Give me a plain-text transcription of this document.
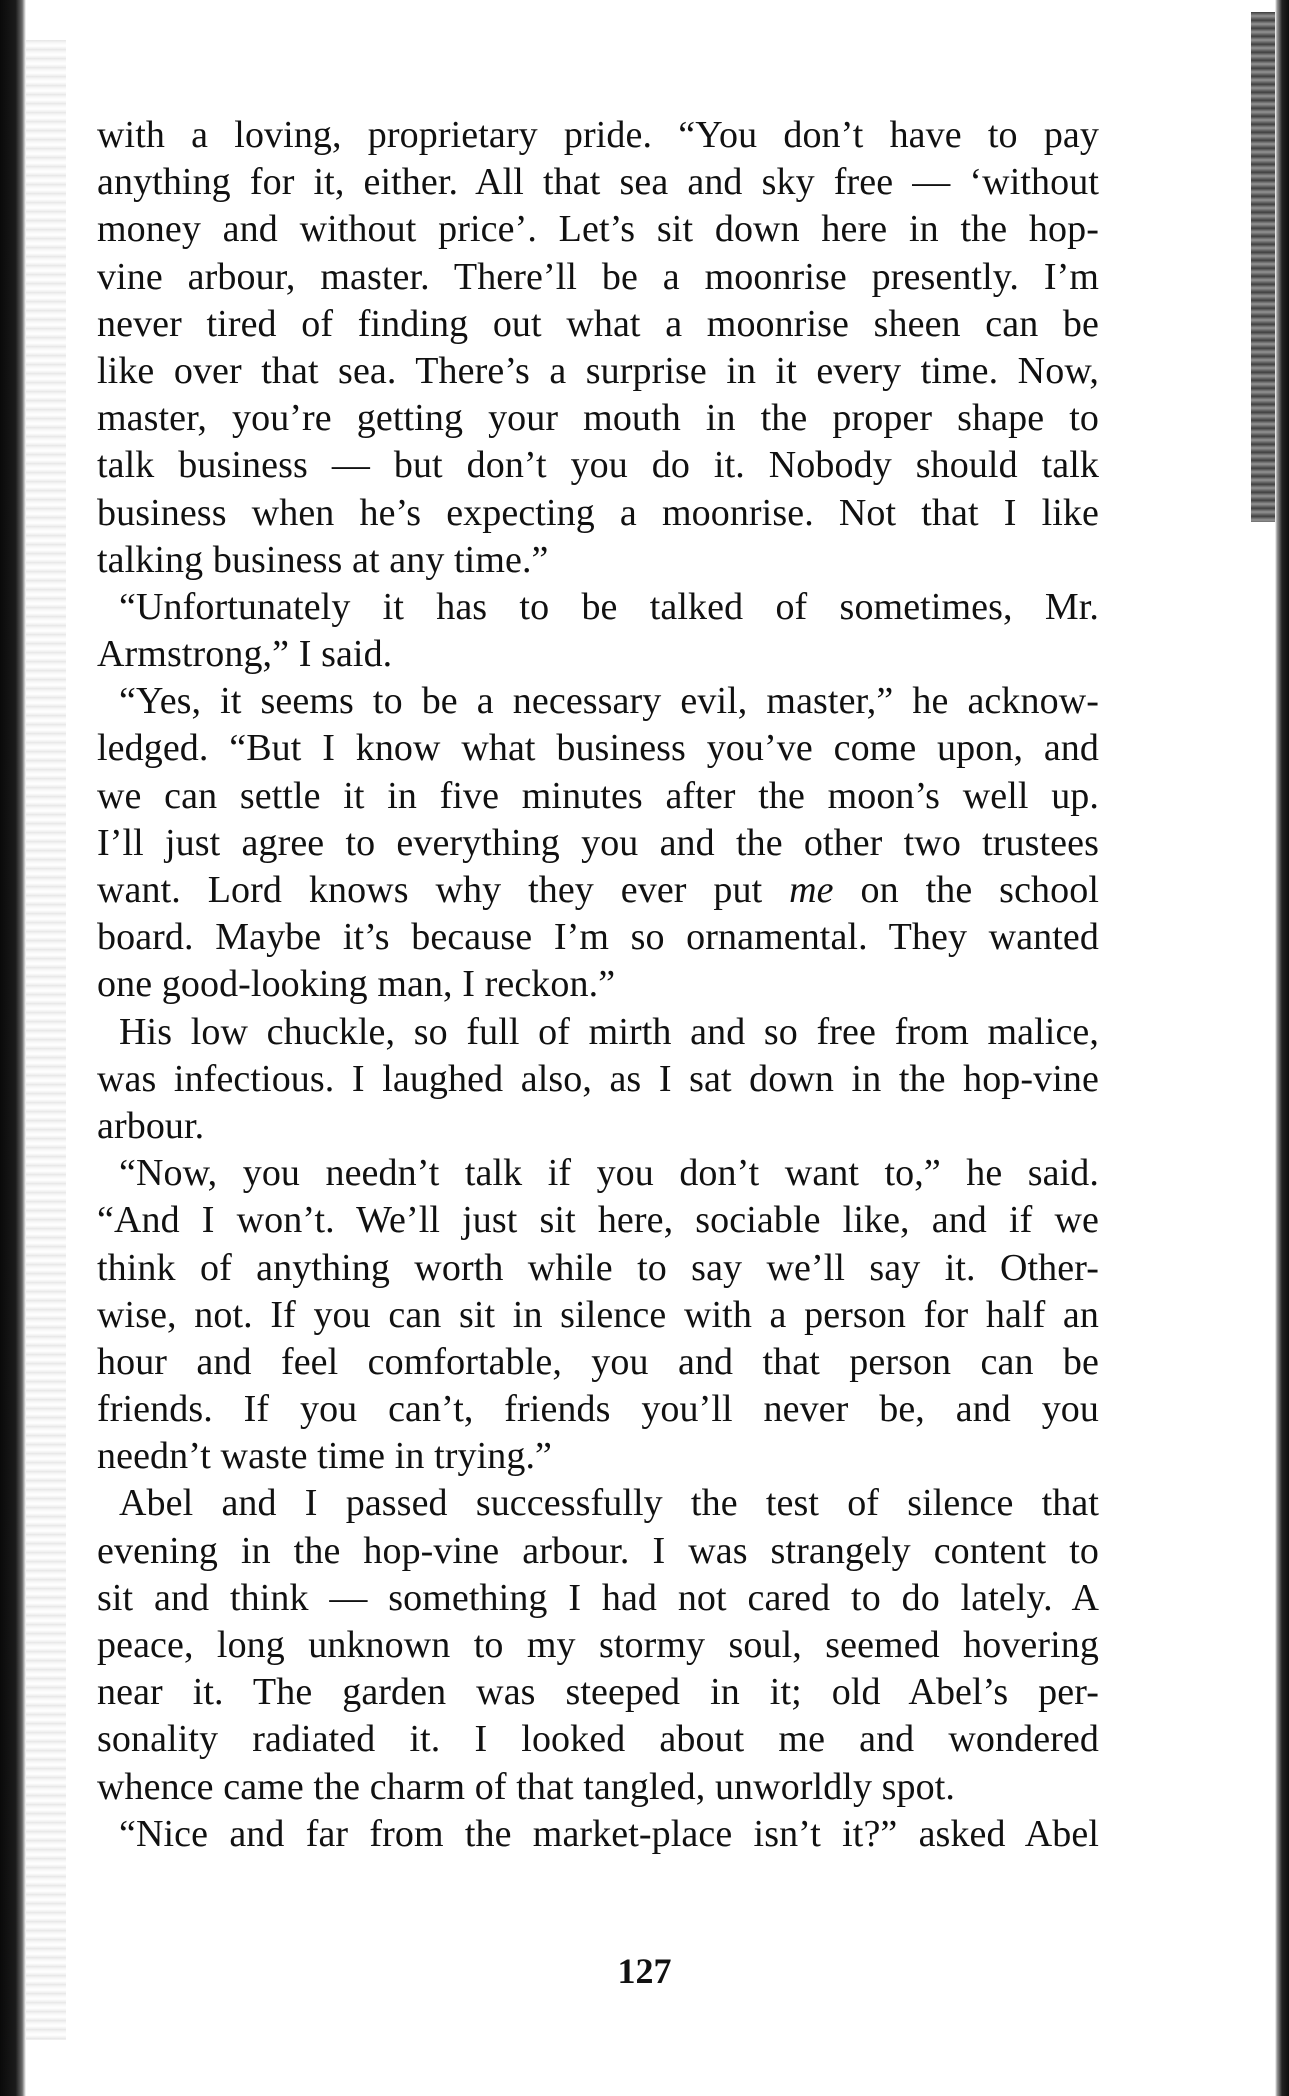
with a loving, proprietary pride. “You don’t have to pay
anything for it, either. All that sea and sky free — ‘without
money and without price’. Let’s sit down here in the hop-
vine arbour, master. There’ll be a moonrise presently. I’m
never tired of finding out what a moonrise sheen can be
like over that sea. There’s a surprise in it every time. Now,
master, you’re getting your mouth in the proper shape to
talk business — but don’t you do it. Nobody should talk
business when he’s expecting a moonrise. Not that I like
talking business at any time.”
“Unfortunately it has to be talked of sometimes, Mr.
Armstrong,” I said.
“Yes, it seems to be a necessary evil, master,” he acknow-
ledged. “But I know what business you’ve come upon, and
we can settle it in five minutes after the moon’s well up.
I’ll just agree to everything you and the other two trustees
want. Lord knows why they ever put me on the school
board. Maybe it’s because I’m so ornamental. They wanted
one good-looking man, I reckon.”
His low chuckle, so full of mirth and so free from malice,
was infectious. I laughed also, as I sat down in the hop-vine
arbour.
“Now, you needn’t talk if you don’t want to,” he said.
“And I won’t. We’ll just sit here, sociable like, and if we
think of anything worth while to say we’ll say it. Other-
wise, not. If you can sit in silence with a person for half an
hour and feel comfortable, you and that person can be
friends. If you can’t, friends you’ll never be, and you
needn’t waste time in trying.”
Abel and I passed successfully the test of silence that
evening in the hop-vine arbour. I was strangely content to
sit and think — something I had not cared to do lately. A
peace, long unknown to my stormy soul, seemed hovering
near it. The garden was steeped in it; old Abel’s per-
sonality radiated it. I looked about me and wondered
whence came the charm of that tangled, unworldly spot.
“Nice and far from the market-place isn’t it?” asked Abel
127
